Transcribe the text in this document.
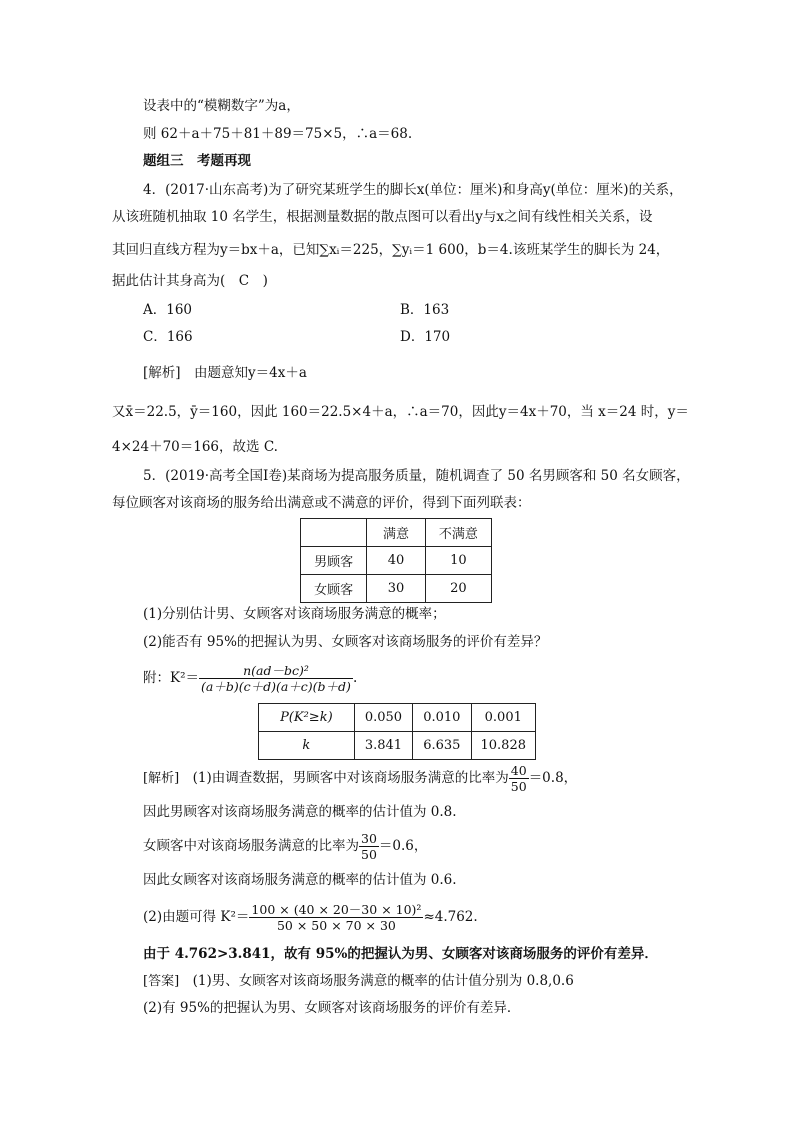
设表中的“模糊数字”为a，
则 62＋a＋75＋81＋89＝75×5，∴a＝68.
题组三　考题再现
4．(2017·山东高考)为了研究某班学生的脚长x(单位：厘米)和身高y(单位：厘米)的关系，
从该班随机抽取 10 名学生，根据测量数据的散点图可以看出y与x之间有线性相关关系，设
其回归直线方程为y＝bx＋a，已知∑xᵢ＝225，∑yᵢ＝1 600，b＝4.该班某学生的脚长为 24，
据此估计其身高为(　C　)
A．160	B．163
C．166	D．170
[解析]　由题意知y＝4x＋a
又x̄＝22.5，ȳ＝160，因此 160＝22.5×4＋a，∴a＝70，因此y＝4x＋70，当 x＝24 时，y＝
4×24＋70＝166，故选 C.
5．(2019·高考全国Ⅰ卷)某商场为提高服务质量，随机调查了 50 名男顾客和 50 名女顾客，
每位顾客对该商场的服务给出满意或不满意的评价，得到下面列联表：
	满意	不满意
男顾客	40	10
女顾客	30	20
(1)分别估计男、女顾客对该商场服务满意的概率；
(2)能否有 95%的把握认为男、女顾客对该商场服务的评价有差异？
附：$K^2= \frac{\text{n(ad－bc)²}}{(a+b)(c+d)(a+c)(b+d)}$ .
P(K²≥k)	0.050	0.010	0.001
k	3.841	6.635	10.828
[解析]　(1)由调查数据，男顾客中对该商场服务满意的比率为 $\frac{40}{50} =0.8$，
因此男顾客对该商场服务满意的概率的估计值为 0.8.
女顾客中对该商场服务满意的比率为 $\frac{30}{50} =0.6$，
因此女顾客对该商场服务满意的概率的估计值为 0.6.
(2)由题可得 $K^2= \frac{\text{100 × (40 × 20－30 × 10)²}}{50 \times 50 \times 70 \times 30} \approx 4.762$.
由于 4.762>3.841，故有 95%的把握认为男、女顾客对该商场服务的评价有差异．
[答案]　(1)男、女顾客对该商场服务满意的概率的估计值分别为 0.8,0.6
(2)有 95%的把握认为男、女顾客对该商场服务的评价有差异．
